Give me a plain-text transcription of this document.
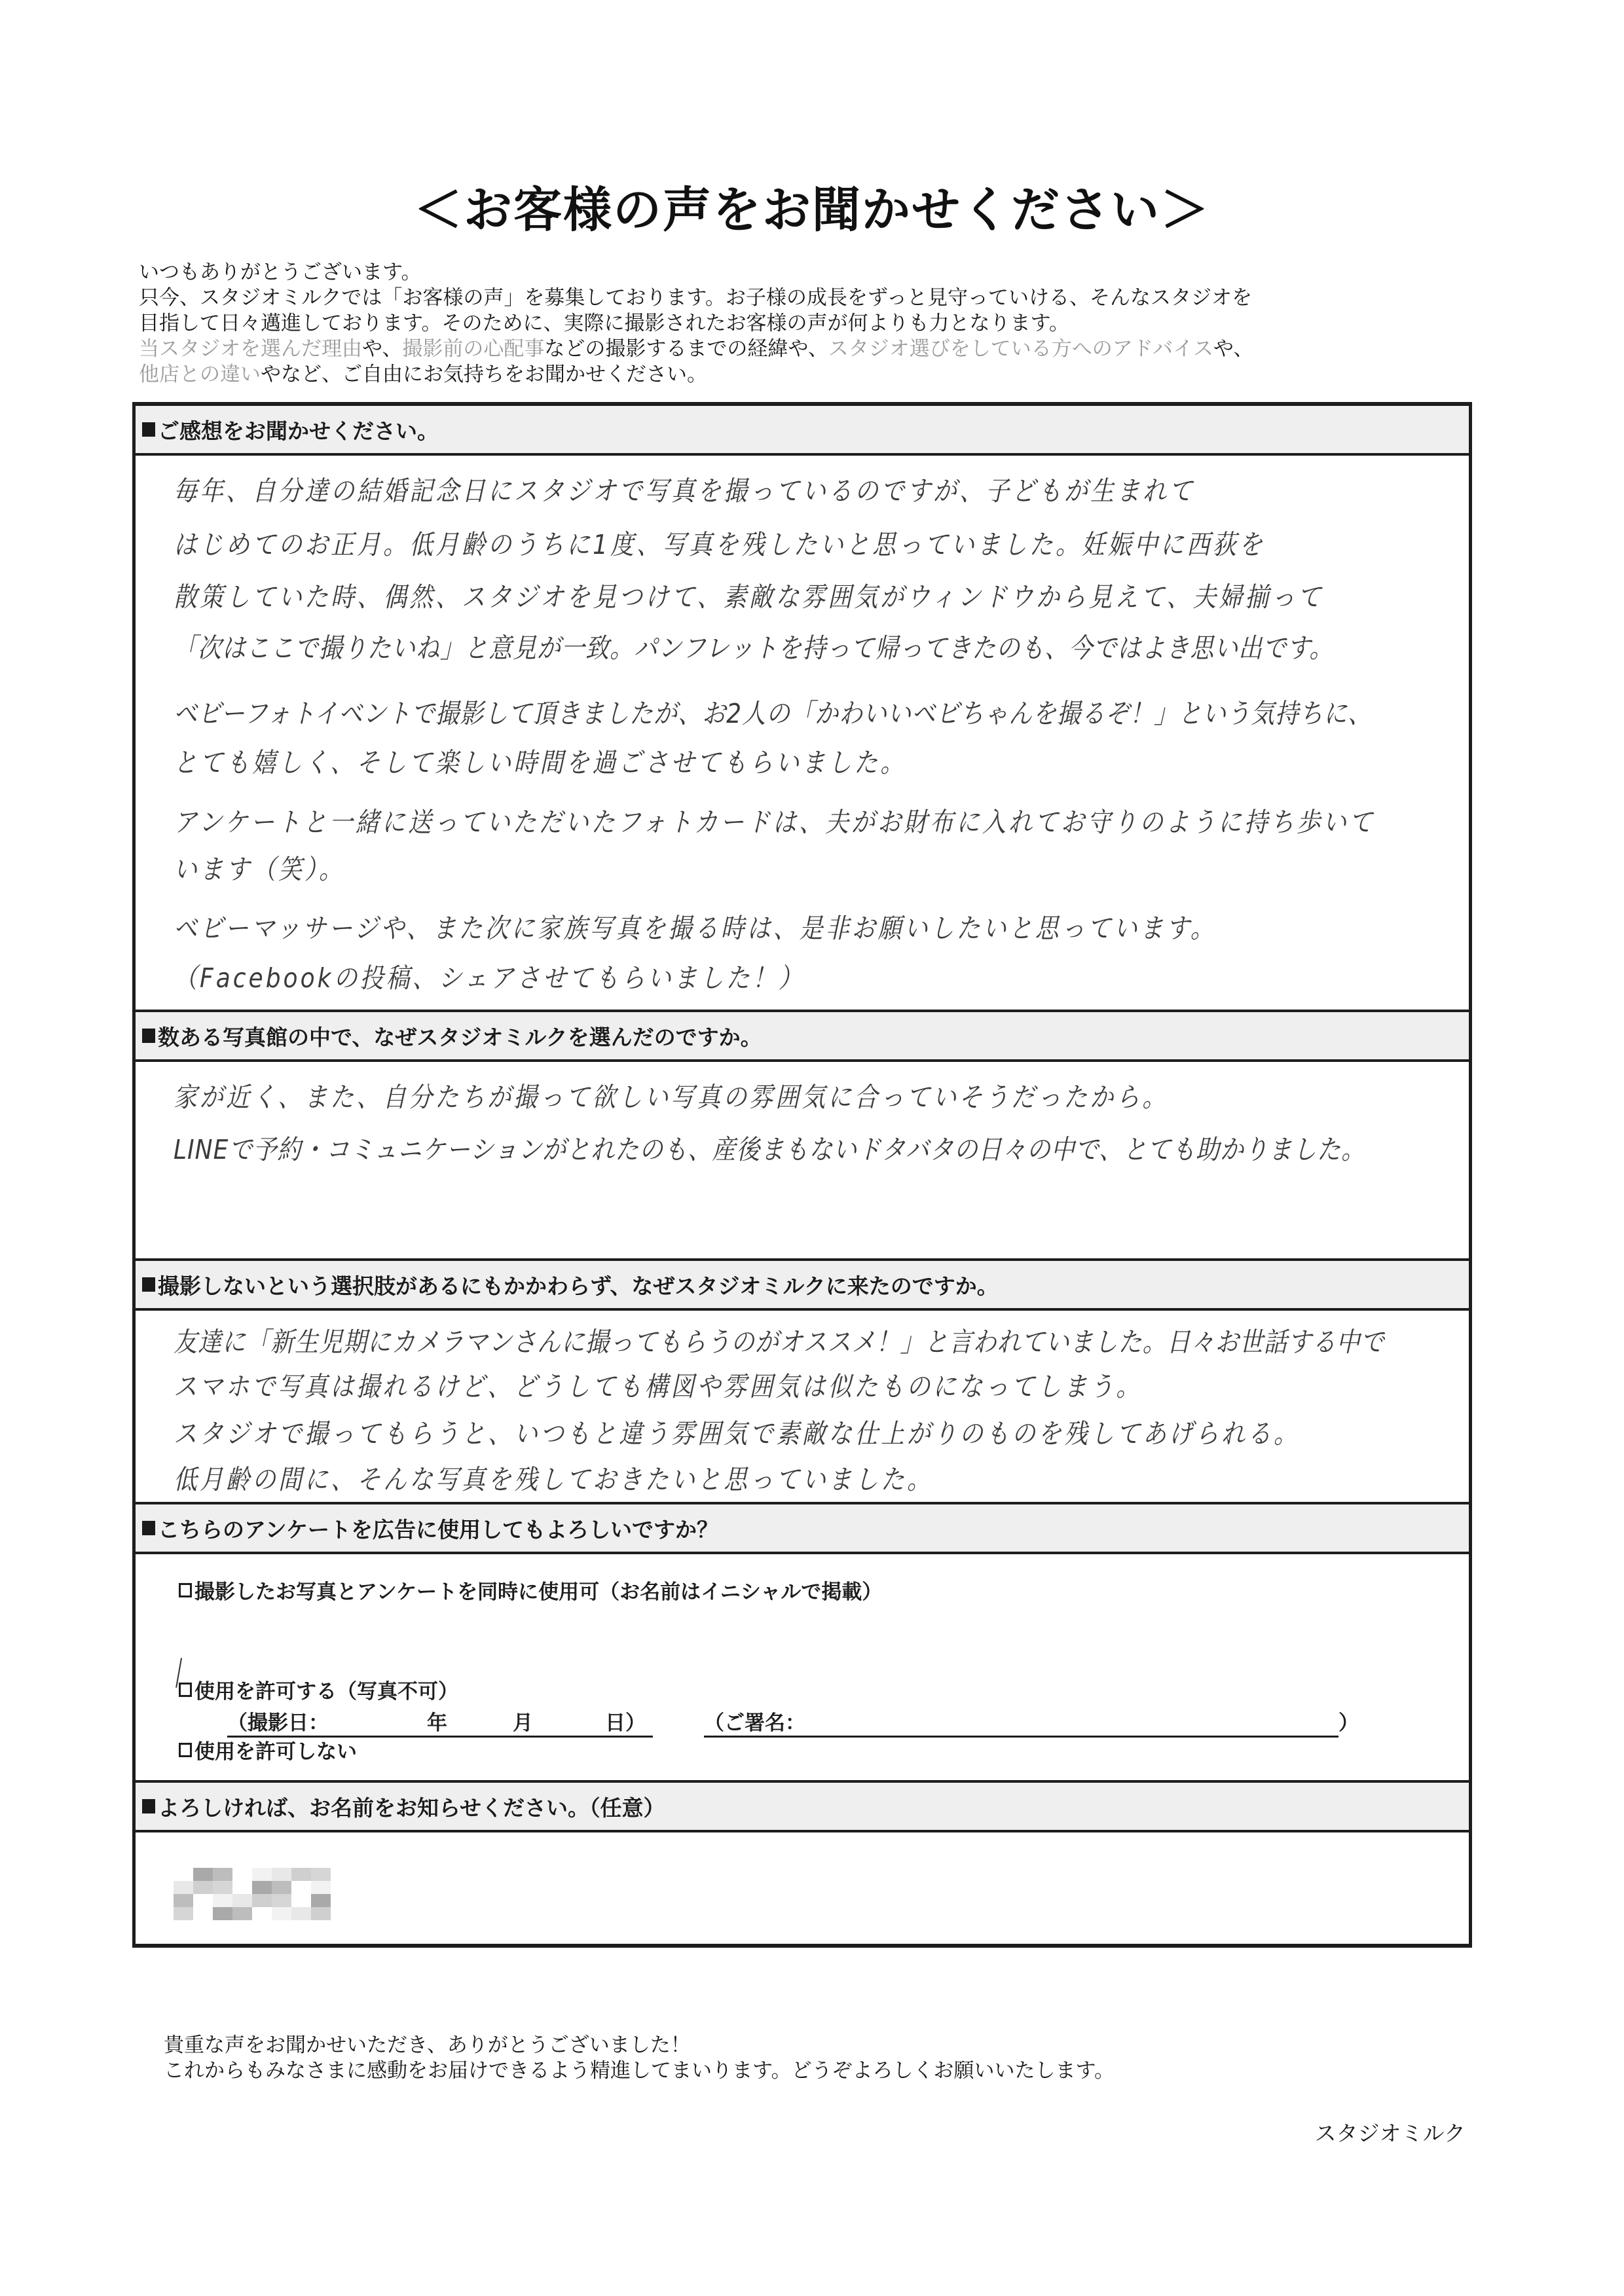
＜お客様の声をお聞かせください＞
いつもありがとうございます。
只今、スタジオミルクでは「お客様の声」を募集しております。お子様の成長をずっと見守っていける、そんなスタジオを
目指して日々邁進しております。そのために、実際に撮影されたお客様の声が何よりも力となります。
当スタジオを選んだ理由や、撮影前の心配事などの撮影するまでの経緯や、スタジオ選びをしている方へのアドバイスや、
他店との違いやなど、ご自由にお気持ちをお聞かせください。
ご感想をお聞かせください。
毎年、自分達の結婚記念日にスタジオで写真を撮っているのですが、子どもが生まれて
はじめてのお正月。低月齢のうちに1度、写真を残したいと思っていました。妊娠中に西荻を
散策していた時、偶然、スタジオを見つけて、素敵な雰囲気がウィンドウから見えて、夫婦揃って
「次はここで撮りたいね」と意見が一致。パンフレットを持って帰ってきたのも、今ではよき思い出です。
ベビーフォトイベントで撮影して頂きましたが、お2人の「かわいいベビちゃんを撮るぞ！」という気持ちに、
とても嬉しく、そして楽しい時間を過ごさせてもらいました。
アンケートと一緒に送っていただいたフォトカードは、夫がお財布に入れてお守りのように持ち歩いて
います（笑）。
ベビーマッサージや、また次に家族写真を撮る時は、是非お願いしたいと思っています。
（Facebookの投稿、シェアさせてもらいました！）
数ある写真館の中で、なぜスタジオミルクを選んだのですか。
家が近く、また、自分たちが撮って欲しい写真の雰囲気に合っていそうだったから。
LINEで予約・コミュニケーションがとれたのも、産後まもないドタバタの日々の中で、とても助かりました。
撮影しないという選択肢があるにもかかわらず、なぜスタジオミルクに来たのですか。
友達に「新生児期にカメラマンさんに撮ってもらうのがオススメ！」と言われていました。日々お世話する中で
スマホで写真は撮れるけど、どうしても構図や雰囲気は似たものになってしまう。
スタジオで撮ってもらうと、いつもと違う雰囲気で素敵な仕上がりのものを残してあげられる。
低月齢の間に、そんな写真を残しておきたいと思っていました。
こちらのアンケートを広告に使用してもよろしいですか？
撮影したお写真とアンケートを同時に使用可（お名前はイニシャルで掲載）
（撮影日：	年	月	日）	（ご署名：	）
使用を許可する（写真不可）
使用を許可しない
よろしければ、お名前をお知らせください。（任意）
貴重な声をお聞かせいただき、ありがとうございました！
これからもみなさまに感動をお届けできるよう精進してまいります。どうぞよろしくお願いいたします。
スタジオミルク
